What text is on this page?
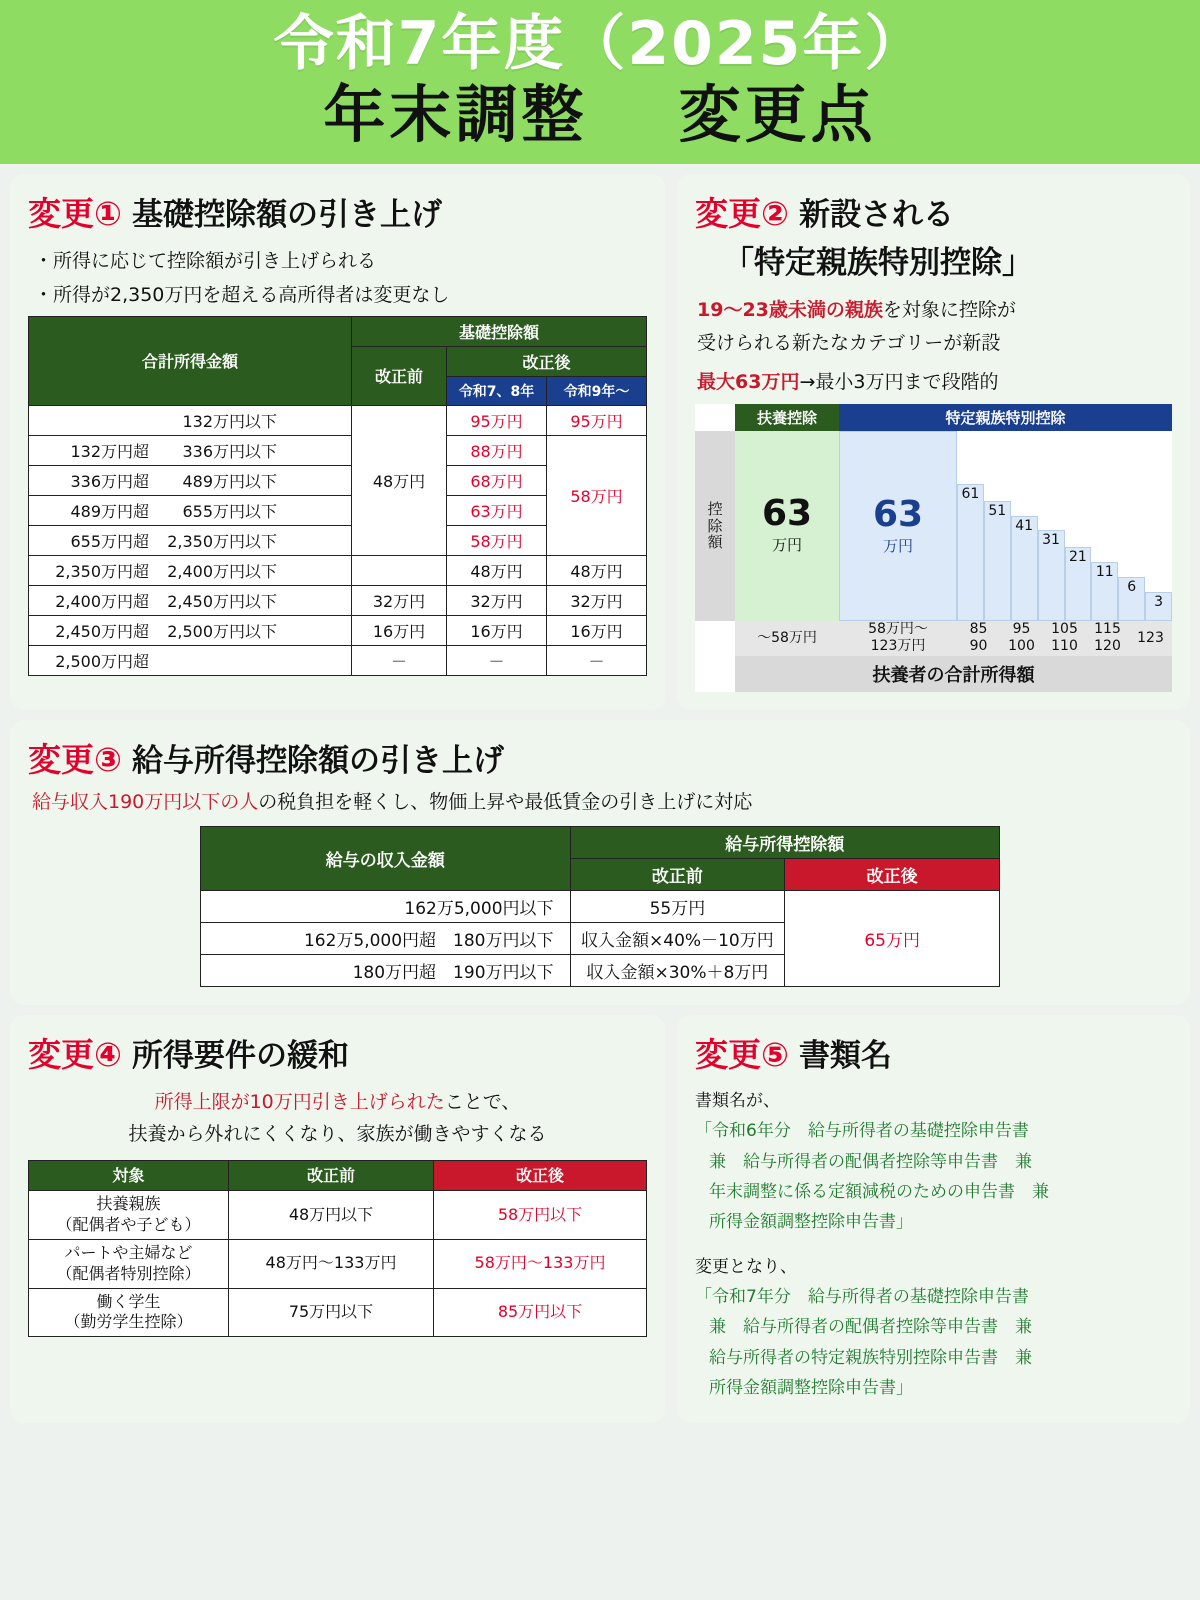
令和7年度（2025年）
年末調整 変更点
変更① 基礎控除額の引き上げ
・所得に応じて控除額が引き上げられる
・所得が2,350万円を超える高所得者は変更なし
合計所得金額	基礎控除額		
	改正前	改正後	
		令和7、8年	令和9年～
132万円以下	48万円	95万円	95万円
132万円超 336万円以下		88万円	58万円
336万円超 489万円以下		68万円	
489万円超 655万円以下		63万円	
655万円超 2,350万円以下		58万円	
2,350万円超 2,400万円以下		48万円	48万円
2,400万円超 2,450万円以下	32万円	32万円	32万円
2,450万円超 2,500万円以下	16万円	16万円	16万円
2,500万円超	－	－	－
変更② 新設される
「特定親族特別控除」
19～23歳未満の親族を対象に控除が
受けられる新たなカテゴリーが新設
最大63万円→最小3万円まで段階的
扶養控除	特定親族特別控除
控
除
額
63
万円
63
万円
61
51
41
31
21
11
6
3
～58万円
58万円～
123万円
85
90
95
100
105
110
115
120
123
扶養者の合計所得額
変更③ 給与所得控除額の引き上げ
給与収入190万円以下の人の税負担を軽くし、物価上昇や最低賃金の引き上げに対応
給与の収入金額	給与所得控除額	
	改正前	改正後
162万5,000円以下	55万円	65万円
162万5,000円超　180万円以下	収入金額×40%－10万円	
180万円超　190万円以下	収入金額×30%＋8万円	
変更④ 所得要件の緩和
所得上限が10万円引き上げられたことで、
扶養から外れにくくなり、家族が働きやすくなる
対象	改正前	改正後
扶養親族
（配偶者や子ども）	48万円以下	58万円以下
パートや主婦など
（配偶者特別控除）	48万円～133万円	58万円～133万円
働く学生
（勤労学生控除）	75万円以下	85万円以下
変更⑤ 書類名

書類名が、

「令和6年分　給与所得者の基礎控除申告書

兼　給与所得者の配偶者控除等申告書　兼

年末調整に係る定額減税のための申告書　兼

所得金額調整控除申告書」

変更となり、

「令和7年分　給与所得者の基礎控除申告書

兼　給与所得者の配偶者控除等申告書　兼

給与所得者の特定親族特別控除申告書　兼

所得金額調整控除申告書」
